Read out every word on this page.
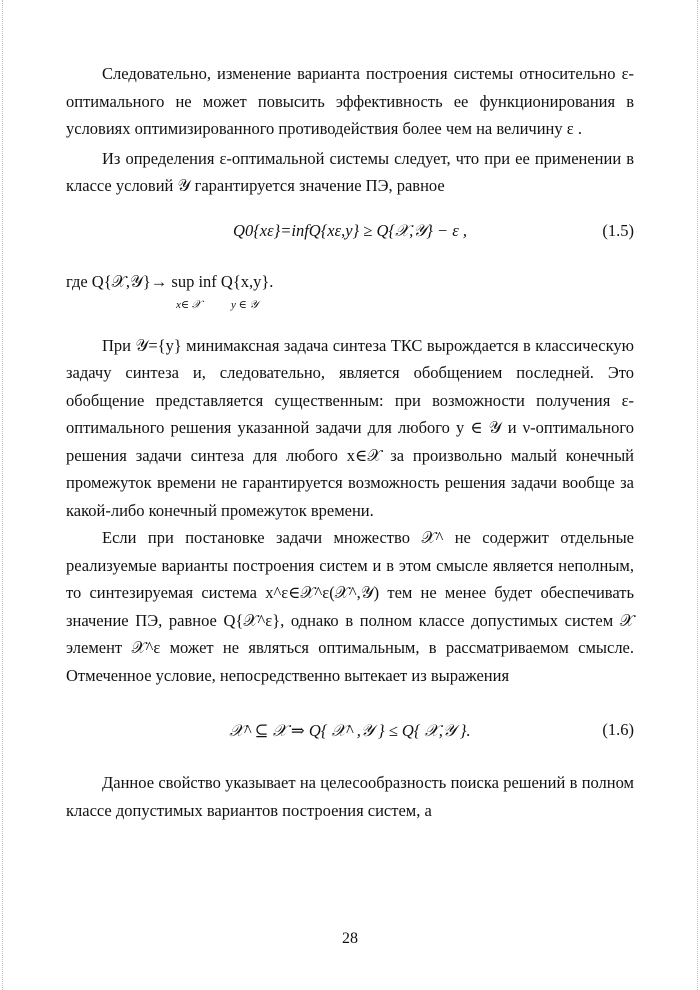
Следовательно, изменение варианта построения системы относительно ε-оптимального не может повысить эффективность ее функционирования в условиях оптимизированного противодействия более чем на величину ε .

Из определения ε-оптимальной системы следует, что при ее применении в классе условий 𝒴 гарантируется значение ПЭ, равное

Q0{xε}=infQ{xε,y} ≥ Q{𝒳,𝒴} − ε ,	(1.5)
где Q{𝒳,𝒴}→ sup inf Q{x,y}.
x∈ 𝒳	y ∈ 𝒴

При 𝒴={y} минимаксная задача синтеза ТКС вырождается в классическую задачу синтеза и, следовательно, является обобщением последней. Это обобщение представляется существенным: при возможности получения ε-оптимального решения указанной задачи для любого y ∈ 𝒴 и ν-оптимального решения задачи синтеза для любого x∈𝒳 за произвольно малый конечный промежуток времени не гарантируется возможность решения задачи вообще за какой-либо конечный промежуток времени.

Если при постановке задачи множество 𝒳^ не содержит отдельные реализуемые варианты построения систем и в этом смысле является неполным, то синтезируемая система x^ε∈𝒳^ε(𝒳^,𝒴) тем не менее будет обеспечивать значение ПЭ, равное Q{𝒳^ε}, однако в полном классе допустимых систем 𝒳 элемент 𝒳^ε может не являться оптимальным, в рассматриваемом смысле. Отмеченное условие, непосредственно вытекает из выражения

𝒳^ ⊆ 𝒳 ⇒ Q{ 𝒳^ ,𝒴 } ≤ Q{ 𝒳,𝒴 }.	(1.6)

Данное свойство указывает на целесообразность поиска решений в полном классе допустимых вариантов построения систем, а

28
